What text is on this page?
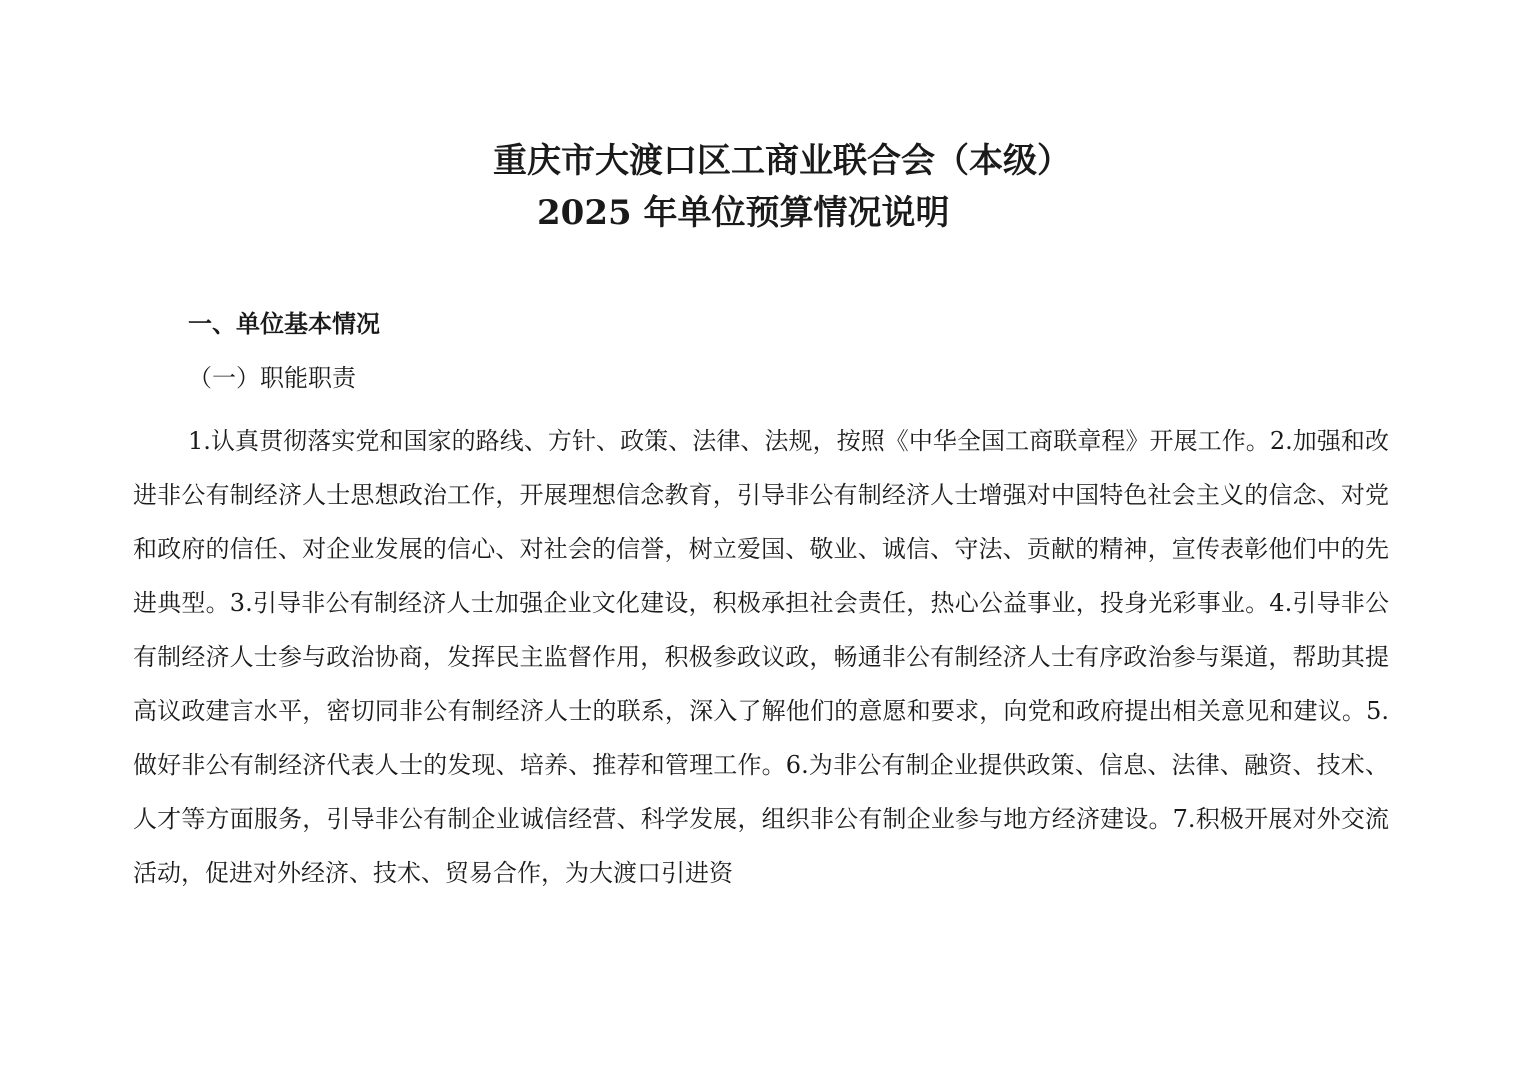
重庆市大渡口区工商业联合会（本级）
2025 年单位预算情况说明
一、单位基本情况
（一）职能职责

1.认真贯彻落实党和国家的路线、方针、政策、法律、法规，按照《中华全国工商联章程》开展工作。2.加强和改进非公有制经济人士思想政治工作，开展理想信念教育，引导非公有制经济人士增强对中国特色社会主义的信念、对党和政府的信任、对企业发展的信心、对社会的信誉，树立爱国、敬业、诚信、守法、贡献的精神，宣传表彰他们中的先进典型。3.引导非公有制经济人士加强企业文化建设，积极承担社会责任，热心公益事业，投身光彩事业。4.引导非公有制经济人士参与政治协商，发挥民主监督作用，积极参政议政，畅通非公有制经济人士有序政治参与渠道，帮助其提高议政建言水平，密切同非公有制经济人士的联系，深入了解他们的意愿和要求，向党和政府提出相关意见和建议。5.做好非公有制经济代表人士的发现、培养、推荐和管理工作。6.为非公有制企业提供政策、信息、法律、融资、技术、人才等方面服务，引导非公有制企业诚信经营、科学发展，组织非公有制企业参与地方经济建设。7.积极开展对外交流活动，促进对外经济、技术、贸易合作，为大渡口引进资
